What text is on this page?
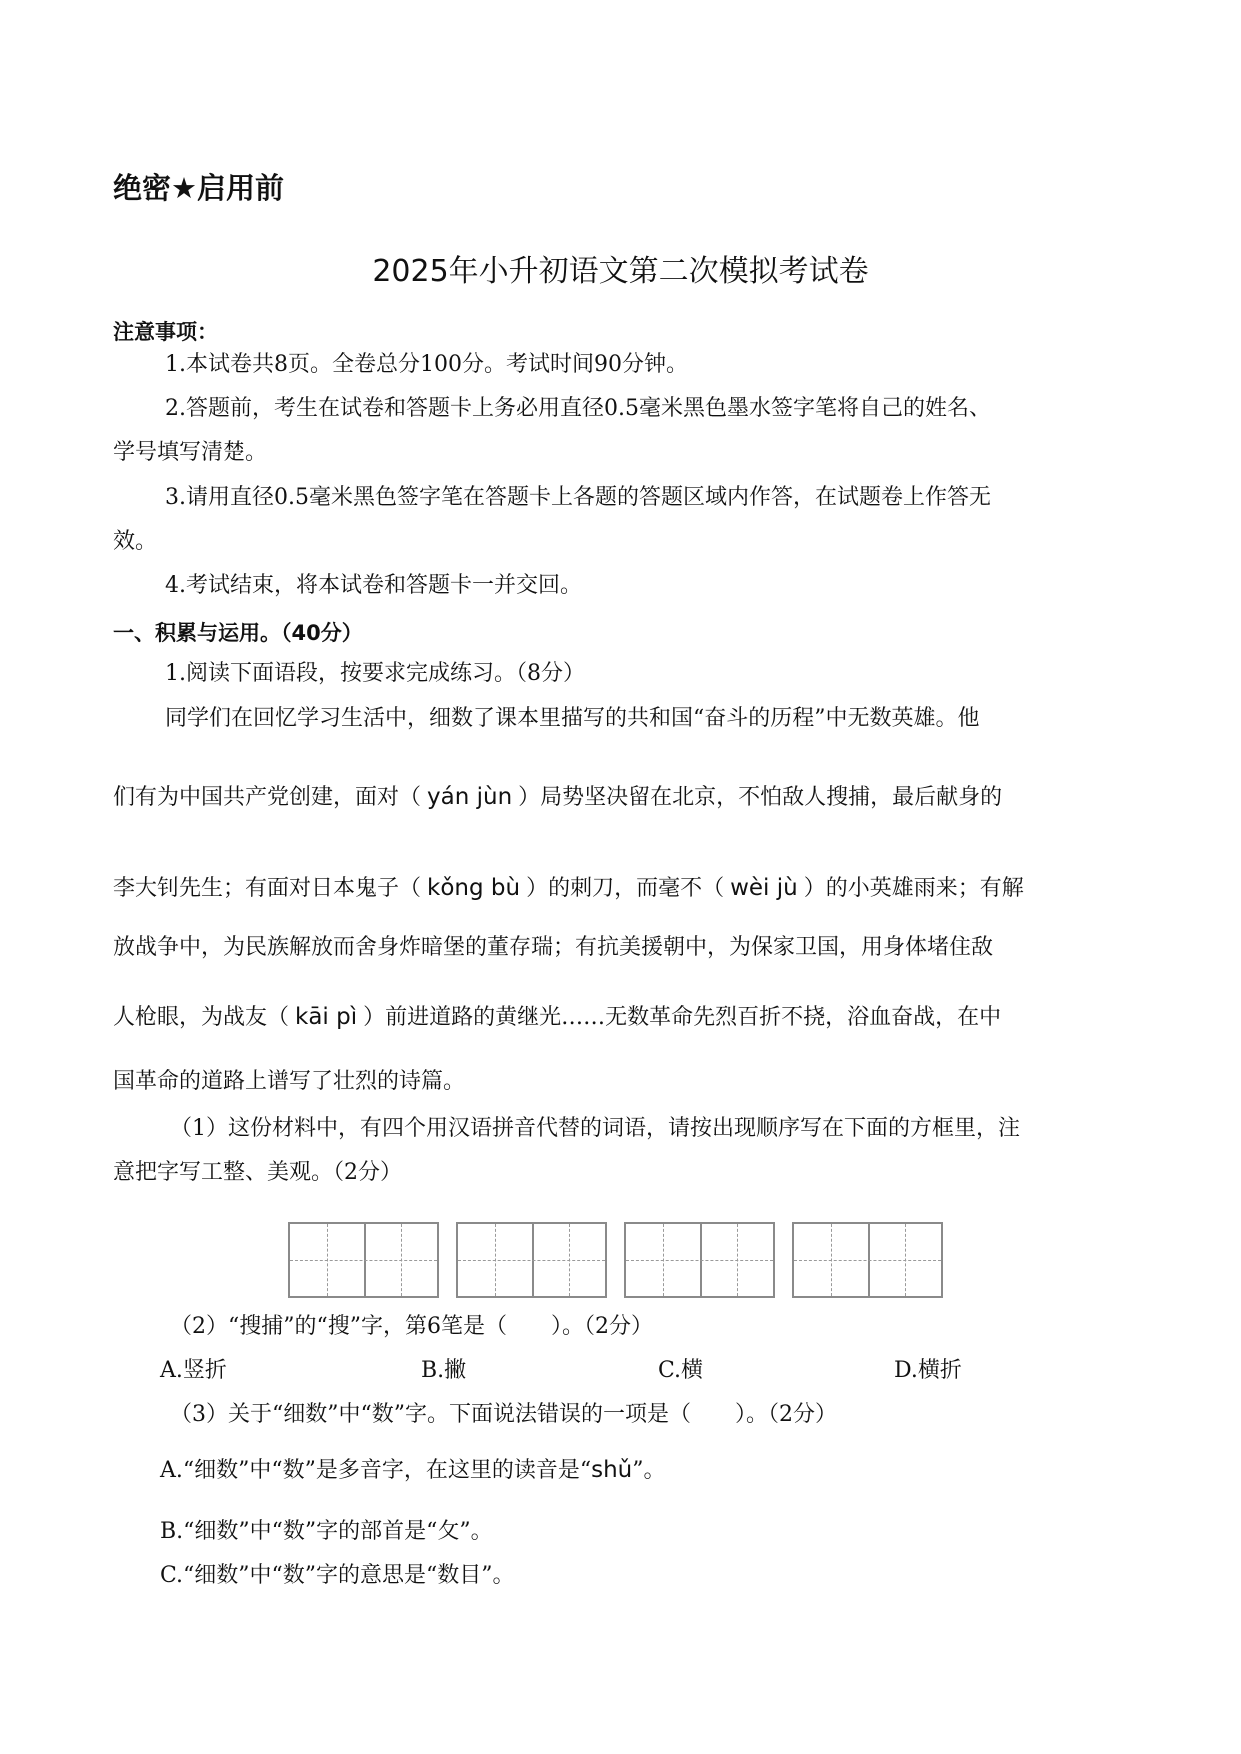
绝密★启用前
2025年小升初语文第二次模拟考试卷
注意事项：
1.本试卷共8页。全卷总分100分。考试时间90分钟。
2.答题前，考生在试卷和答题卡上务必用直径0.5毫米黑色墨水签字笔将自己的姓名、
学号填写清楚。
3.请用直径0.5毫米黑色签字笔在答题卡上各题的答题区域内作答，在试题卷上作答无
效。
4.考试结束，将本试卷和答题卡一并交回。
一、积累与运用。（40分）
1.阅读下面语段，按要求完成练习。（8分）
同学们在回忆学习生活中，细数了课本里描写的共和国“奋斗的历程”中无数英雄。他
们有为中国共产党创建，面对（ yán jùn ）局势坚决留在北京，不怕敌人搜捕，最后献身的
李大钊先生；有面对日本鬼子（ kǒng bù ）的刺刀，而毫不（ wèi jù ）的小英雄雨来；有解
放战争中，为民族解放而舍身炸暗堡的董存瑞；有抗美援朝中，为保家卫国，用身体堵住敌
人枪眼，为战友（ kāi pì ）前进道路的黄继光……无数革命先烈百折不挠，浴血奋战，在中
国革命的道路上谱写了壮烈的诗篇。
（1）这份材料中，有四个用汉语拼音代替的词语，请按出现顺序写在下面的方框里，注
意把字写工整、美观。（2分）
（2）“搜捕”的“搜”字，第6笔是（　　）。（2分）
A.竖折	B.撇	C.横	D.横折
（3）关于“细数”中“数”字。下面说法错误的一项是（　　）。（2分）
A.“细数”中“数”是多音字，在这里的读音是“shǔ”。
B.“细数”中“数”字的部首是“攵”。
C.“细数”中“数”字的意思是“数目”。
